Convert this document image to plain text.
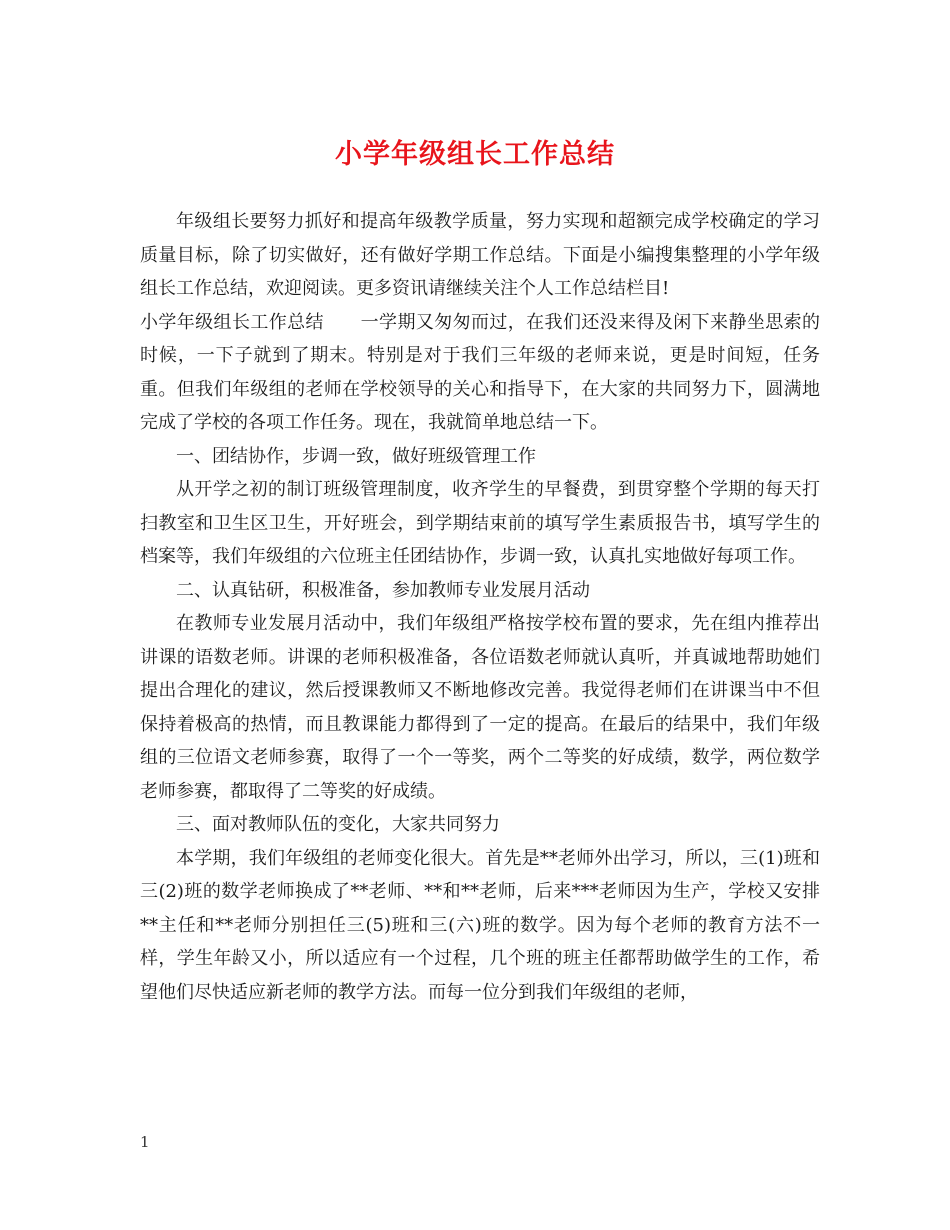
小学年级组长工作总结

年级组长要努力抓好和提高年级教学质量，努力实现和超额完成学校确定的学习质量目标，除了切实做好，还有做好学期工作总结。下面是小编搜集整理的小学年级组长工作总结，欢迎阅读。更多资讯请继续关注个人工作总结栏目!

小学年级组长工作总结　　一学期又匆匆而过，在我们还没来得及闲下来静坐思索的时候，一下子就到了期末。特别是对于我们三年级的老师来说，更是时间短，任务重。但我们年级组的老师在学校领导的关心和指导下，在大家的共同努力下，圆满地完成了学校的各项工作任务。现在，我就简单地总结一下。

一、团结协作，步调一致，做好班级管理工作

从开学之初的制订班级管理制度，收齐学生的早餐费，到贯穿整个学期的每天打扫教室和卫生区卫生，开好班会，到学期结束前的填写学生素质报告书，填写学生的档案等，我们年级组的六位班主任团结协作，步调一致，认真扎实地做好每项工作。

二、认真钻研，积极准备，参加教师专业发展月活动

在教师专业发展月活动中，我们年级组严格按学校布置的要求，先在组内推荐出讲课的语数老师。讲课的老师积极准备，各位语数老师就认真听，并真诚地帮助她们提出合理化的建议，然后授课教师又不断地修改完善。我觉得老师们在讲课当中不但保持着极高的热情，而且教课能力都得到了一定的提高。在最后的结果中，我们年级组的三位语文老师参赛，取得了一个一等奖，两个二等奖的好成绩，数学，两位数学老师参赛，都取得了二等奖的好成绩。

三、面对教师队伍的变化，大家共同努力

本学期，我们年级组的老师变化很大。首先是**老师外出学习，所以，三(1)班和三(2)班的数学老师换成了**老师、**和**老师，后来***老师因为生产，学校又安排**主任和**老师分别担任三(5)班和三(六)班的数学。因为每个老师的教育方法不一样，学生年龄又小，所以适应有一个过程，几个班的班主任都帮助做学生的工作，希望他们尽快适应新老师的教学方法。而每一位分到我们年级组的老师，

1
